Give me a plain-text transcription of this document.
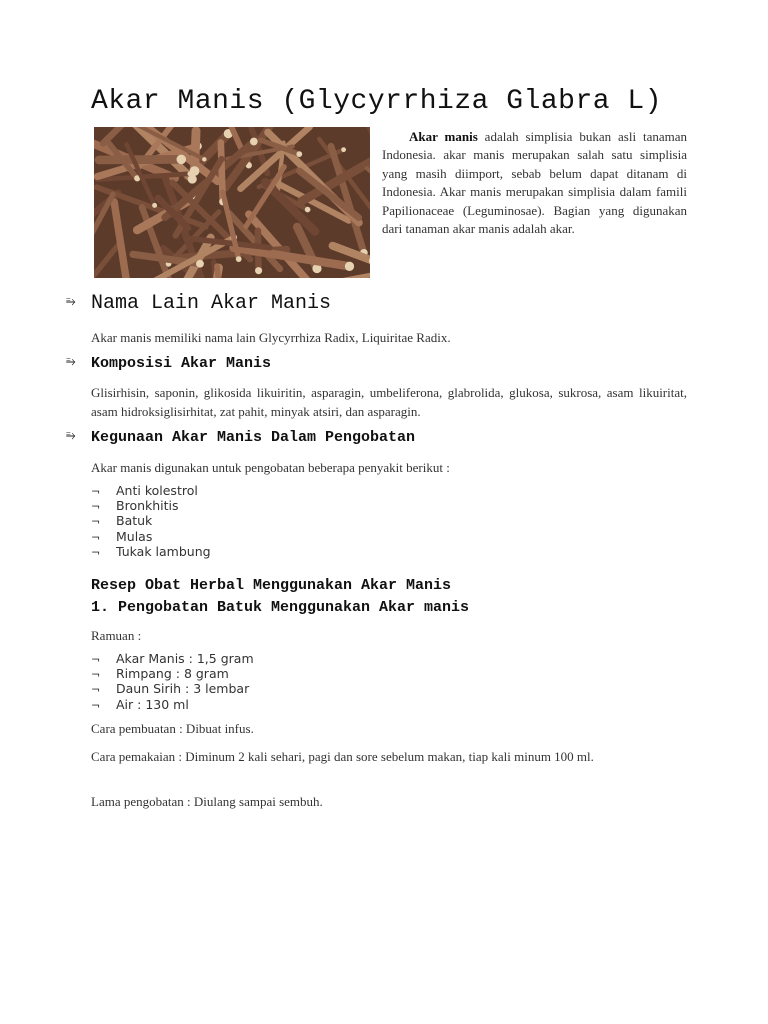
Akar Manis (Glycyrrhiza Glabra L)
Akar manis adalah simplisia bukan asli tanaman Indonesia. akar manis merupakan salah satu simplisia yang masih diimport, sebab belum dapat ditanam di Indonesia. Akar manis merupakan simplisia dalam famili Papilionaceae (Leguminosae). Bagian yang digunakan dari tanaman akar manis adalah akar.
⥱ Nama Lain Akar Manis
Akar manis memiliki nama lain Glycyrrhiza Radix, Liquiritae Radix.
⥱ Komposisi Akar Manis
Glisirhisin, saponin, glikosida likuiritin, asparagin, umbeliferona, glabrolida, glukosa, sukrosa, asam likuiritat, asam hidroksiglisirhitat, zat pahit, minyak atsiri, dan asparagin.
⥱ Kegunaan Akar Manis Dalam Pengobatan
Akar manis digunakan untuk pengobatan beberapa penyakit berikut :
¬ Anti kolestrol
¬ Bronkhitis
¬ Batuk
¬ Mulas
¬ Tukak lambung
Resep Obat Herbal Menggunakan Akar Manis
1. Pengobatan Batuk Menggunakan Akar manis
Ramuan :
¬ Akar Manis : 1,5 gram
¬ Rimpang : 8 gram
¬ Daun Sirih : 3 lembar
¬ Air : 130 ml
Cara pembuatan : Dibuat infus.
Cara pemakaian : Diminum 2 kali sehari, pagi dan sore sebelum makan, tiap kali minum 100 ml.
Lama pengobatan : Diulang sampai sembuh.
